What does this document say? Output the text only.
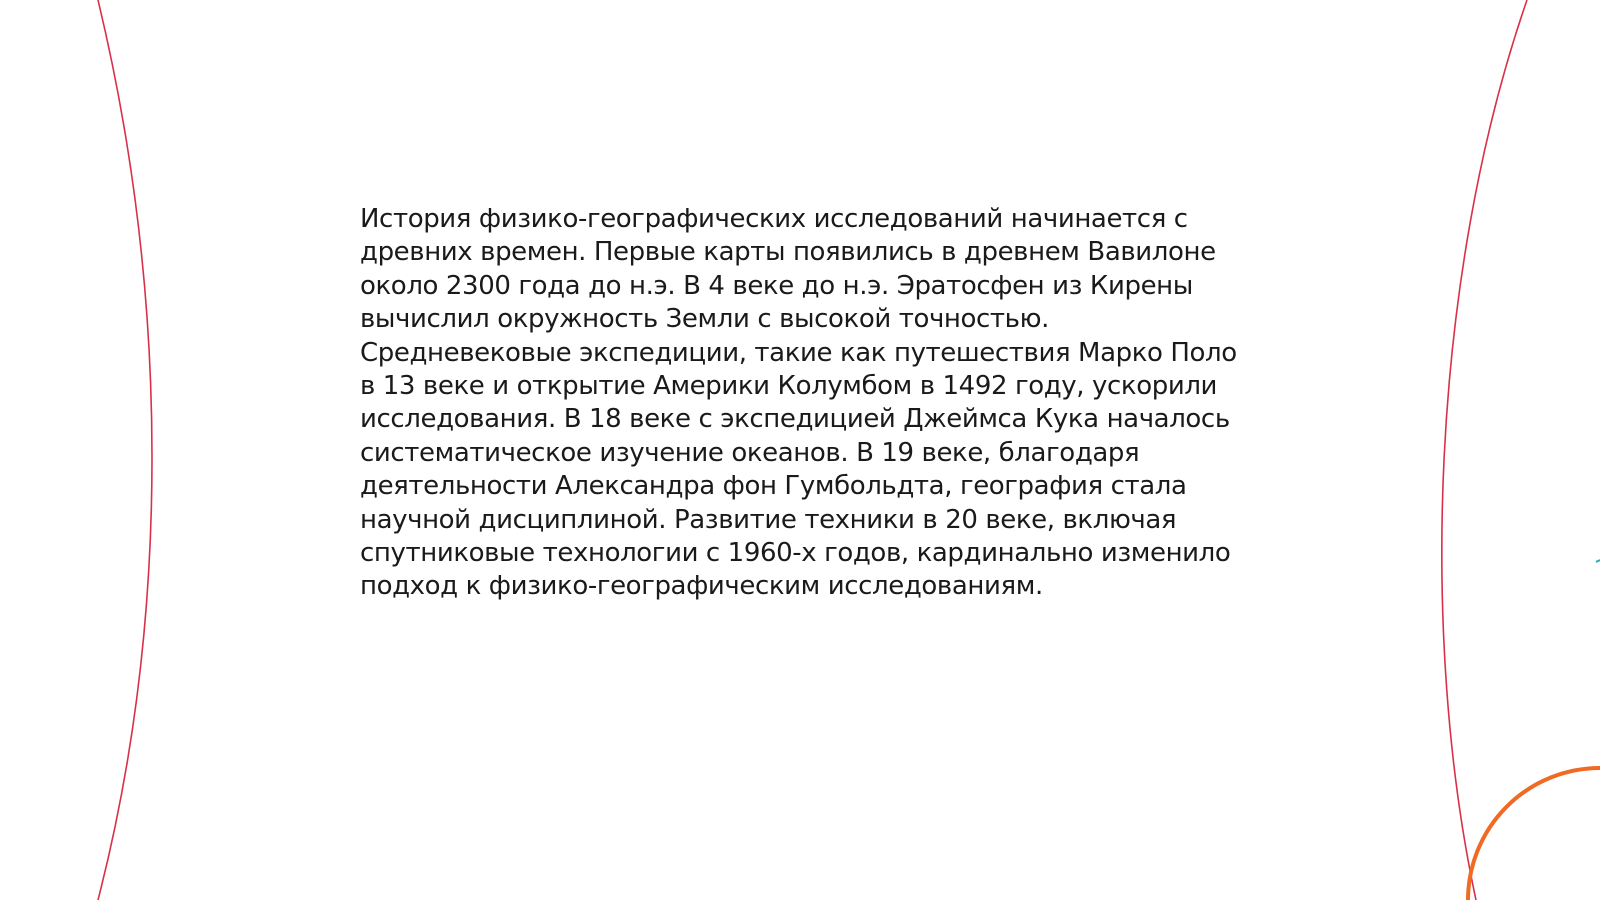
История физико-географических исследований начинается с древних времен. Первые карты появились в древнем Вавилоне около 2300 года до н.э. В 4 веке до н.э. Эратосфен из Кирены вычислил окружность Земли с высокой точностью. Средневековые экспедиции, такие как путешествия Марко Поло в 13 веке и открытие Америки Колумбом в 1492 году, ускорили исследования. В 18 веке с экспедицией Джеймса Кука началось систематическое изучение океанов. В 19 веке, благодаря деятельности Александра фон Гумбольдта, география стала научной дисциплиной. Развитие техники в 20 веке, включая спутниковые технологии с 1960-х годов, кардинально изменило подход к физико-географическим исследованиям.
